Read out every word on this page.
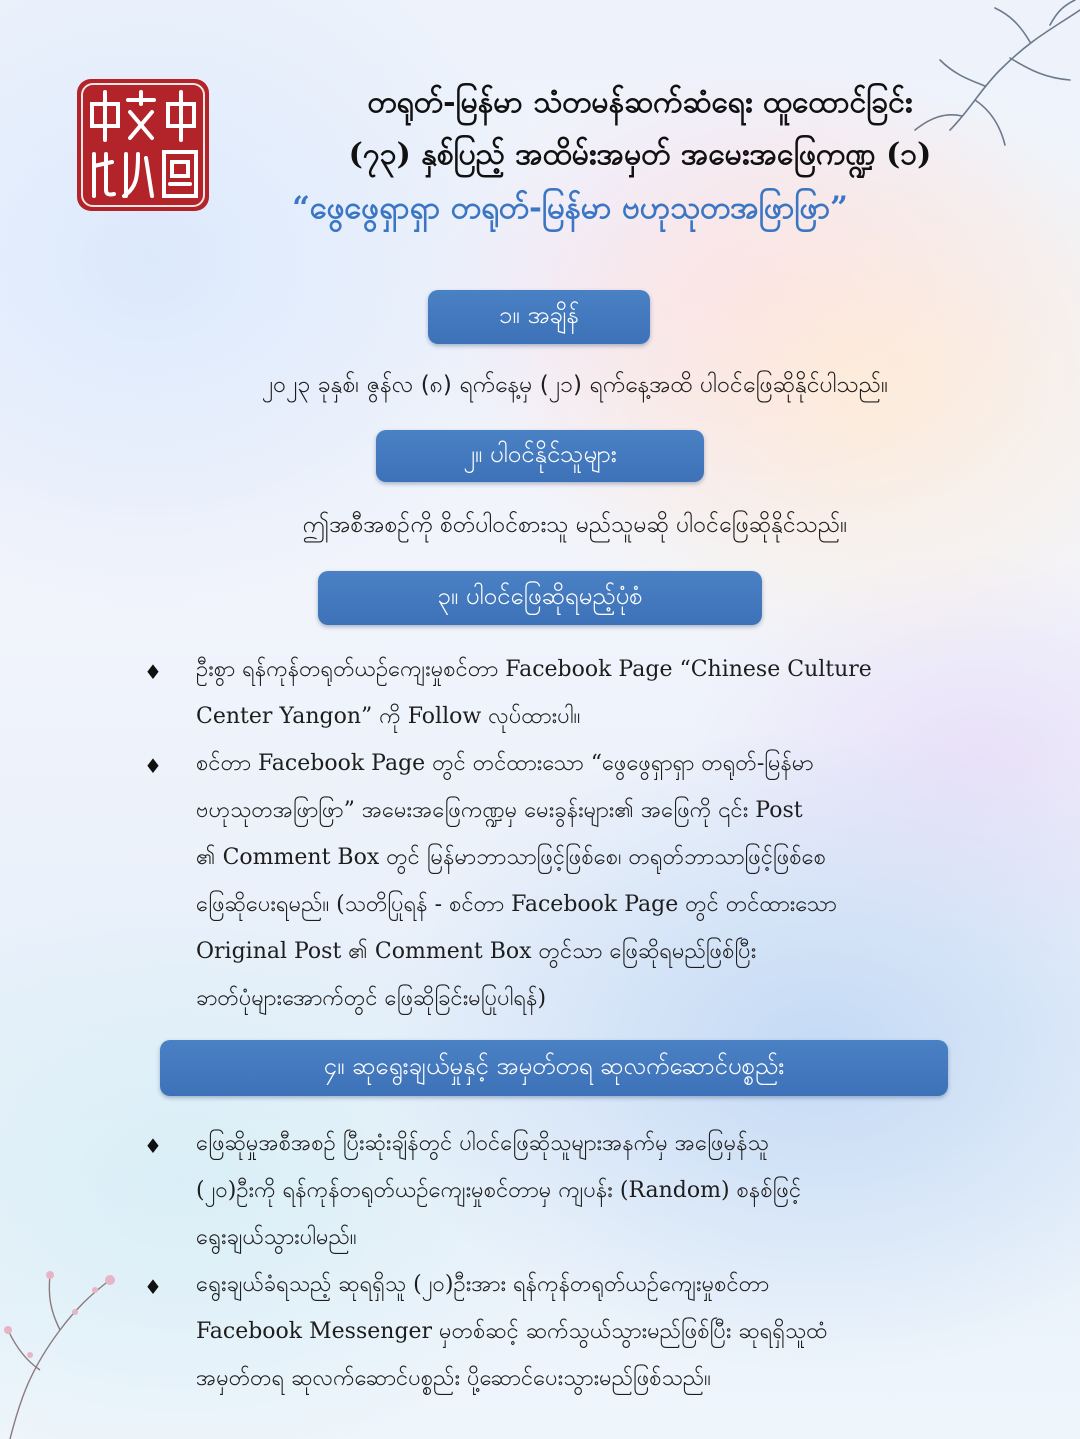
တရုတ်-မြန်မာ သံတမန်ဆက်ဆံရေး ထူထောင်ခြင်း
(၇၃) နှစ်ပြည့် အထိမ်းအမှတ် အမေးအဖြေကဏ္ဍ (၁)
“ဖွေဖွေရှာရှာ တရုတ်-မြန်မာ ဗဟုသုတအဖြာဖြာ”
၁။ အချိန်
၂၀၂၃ ခုနှစ်၊ ဇွန်လ (၈) ရက်နေ့မှ (၂၁) ရက်နေ့အထိ ပါဝင်ဖြေဆိုနိုင်ပါသည်။
၂။ ပါဝင်နိုင်သူများ
ဤအစီအစဉ်ကို စိတ်ပါဝင်စားသူ မည်သူမဆို ပါဝင်ဖြေဆိုနိုင်သည်။
၃။ ပါဝင်ဖြေဆိုရမည့်ပုံစံ
♦ ဦးစွာ ရန်ကုန်တရုတ်ယဉ်ကျေးမှုစင်တာ Facebook Page “Chinese Culture
Center Yangon” ကို Follow လုပ်ထားပါ။
♦ စင်တာ Facebook Page တွင် တင်ထားသော “ဖွေဖွေရှာရှာ တရုတ်-မြန်မာ
ဗဟုသုတအဖြာဖြာ” အမေးအဖြေကဏ္ဍမှ မေးခွန်းများ၏ အဖြေကို ၎င်း Post
၏ Comment Box တွင် မြန်မာဘာသာဖြင့်ဖြစ်စေ၊ တရုတ်ဘာသာဖြင့်ဖြစ်စေ
ဖြေဆိုပေးရမည်။ (သတိပြုရန် - စင်တာ Facebook Page တွင် တင်ထားသော
Original Post ၏ Comment Box တွင်သာ ဖြေဆိုရမည်ဖြစ်ပြီး
ခာတ်ပုံများအောက်တွင် ဖြေဆိုခြင်းမပြုပါရန်)
၄။ ဆုရွေးချယ်မှုနှင့် အမှတ်တရ ဆုလက်ဆောင်ပစ္စည်း
♦ ဖြေဆိုမှုအစီအစဉ် ပြီးဆုံးချိန်တွင် ပါဝင်ဖြေဆိုသူများအနက်မှ အဖြေမှန်သူ
(၂၀)ဦးကို ရန်ကုန်တရုတ်ယဉ်ကျေးမှုစင်တာမှ ကျပန်း (Random) စနစ်ဖြင့်
ရွေးချယ်သွားပါမည်။
♦ ရွေးချယ်ခံရသည့် ဆုရရှိသူ (၂၀)ဦးအား ရန်ကုန်တရုတ်ယဉ်ကျေးမှုစင်တာ
Facebook Messenger မှတစ်ဆင့် ဆက်သွယ်သွားမည်ဖြစ်ပြီး ဆုရရှိသူထံ
အမှတ်တရ ဆုလက်ဆောင်ပစ္စည်း ပို့ဆောင်ပေးသွားမည်ဖြစ်သည်။
